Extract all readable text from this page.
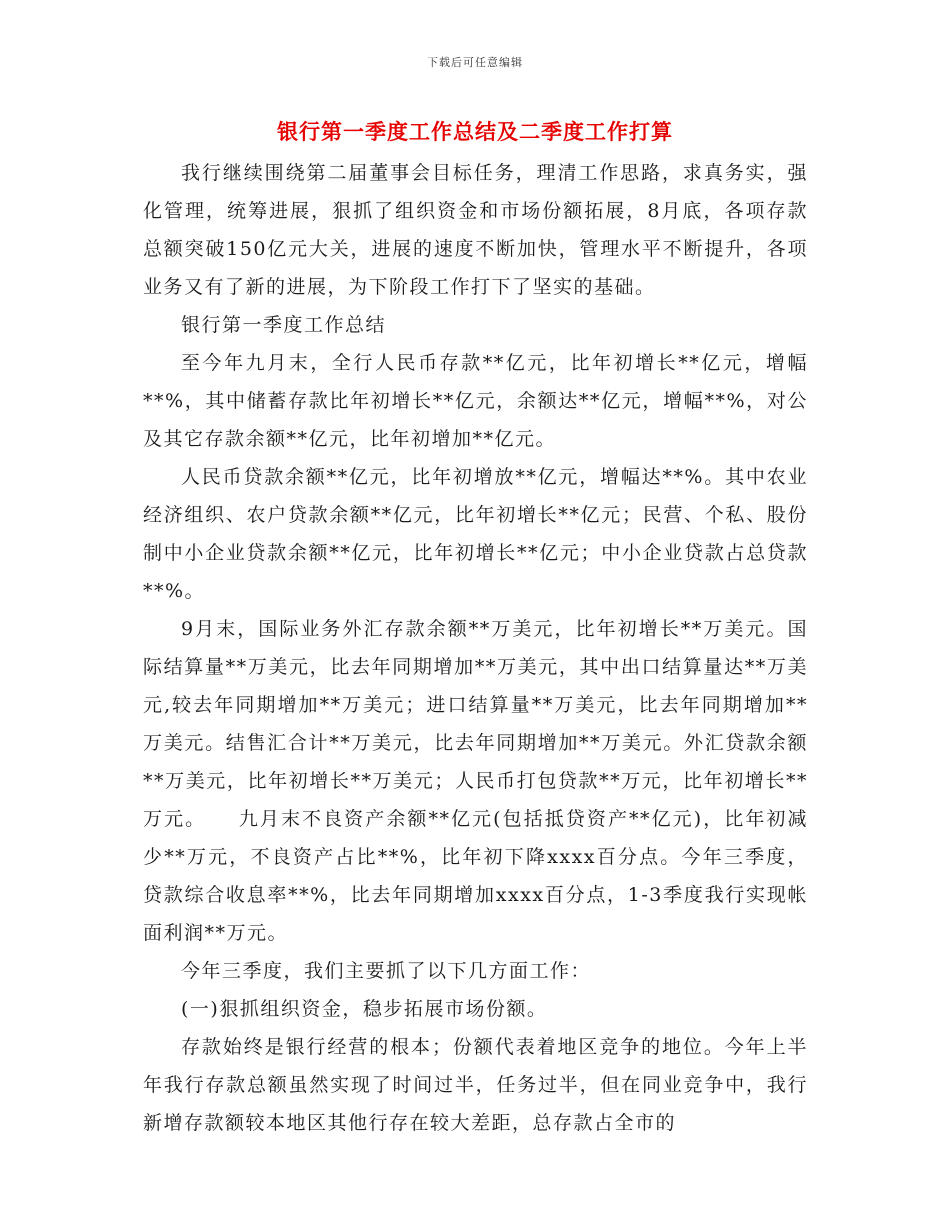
下载后可任意编辑
银行第一季度工作总结及二季度工作打算

我行继续围绕第二届董事会目标任务，理清工作思路，求真务实，强化管理，统筹进展，狠抓了组织资金和市场份额拓展，8月底，各项存款总额突破150亿元大关，进展的速度不断加快，管理水平不断提升，各项业务又有了新的进展，为下阶段工作打下了坚实的基础。

银行第一季度工作总结

至今年九月末，全行人民币存款**亿元，比年初增长**亿元，增幅**%，其中储蓄存款比年初增长**亿元，余额达**亿元，增幅**%，对公及其它存款余额**亿元，比年初增加**亿元。

人民币贷款余额**亿元，比年初增放**亿元，增幅达**%。其中农业经济组织、农户贷款余额**亿元，比年初增长**亿元；民营、个私、股份制中小企业贷款余额**亿元，比年初增长**亿元；中小企业贷款占总贷款**%。

9月末，国际业务外汇存款余额**万美元，比年初增长**万美元。国际结算量**万美元，比去年同期增加**万美元，其中出口结算量达**万美元,较去年同期增加**万美元；进口结算量**万美元，比去年同期增加**万美元。结售汇合计**万美元，比去年同期增加**万美元。外汇贷款余额**万美元，比年初增长**万美元；人民币打包贷款**万元，比年初增长**万元。　　九月末不良资产余额**亿元(包括抵贷资产**亿元)，比年初减少**万元，不良资产占比**%，比年初下降xxxx百分点。今年三季度，贷款综合收息率**%，比去年同期增加xxxx百分点，1-3季度我行实现帐面利润**万元。

今年三季度，我们主要抓了以下几方面工作：

(一)狠抓组织资金，稳步拓展市场份额。

存款始终是银行经营的根本；份额代表着地区竞争的地位。今年上半年我行存款总额虽然实现了时间过半，任务过半，但在同业竞争中，我行新增存款额较本地区其他行存在较大差距，总存款占全市的
